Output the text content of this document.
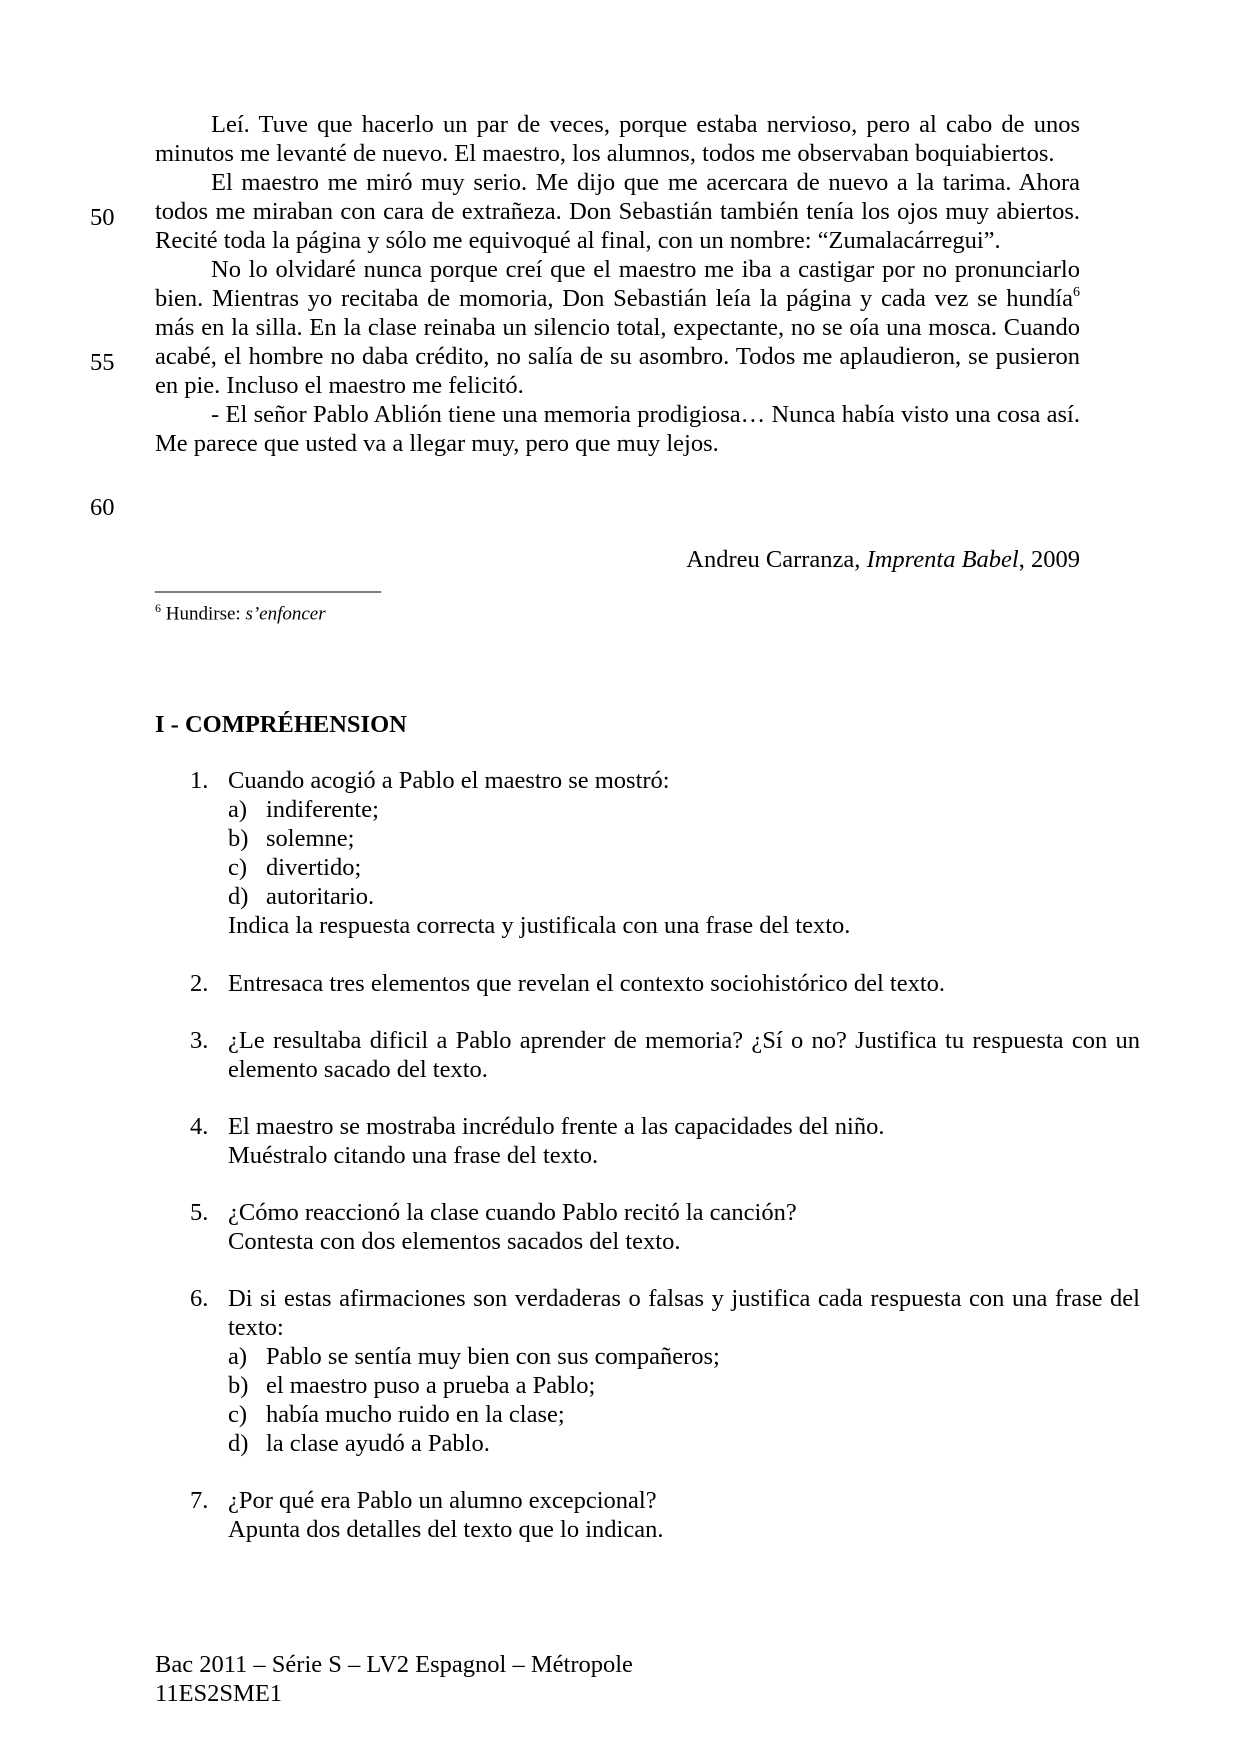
Leí. Tuve que hacerlo un par de veces, porque estaba nervioso, pero al cabo de unos minutos me levanté de nuevo. El maestro, los alumnos, todos me observaban boquiabiertos.

El maestro me miró muy serio. Me dijo que me acercara de nuevo a la tarima. Ahora todos me miraban con cara de extrañeza. Don Sebastián también tenía los ojos muy abiertos. Recité toda la página y sólo me equivoqué al final, con un nombre: “Zumalacárregui”.

No lo olvidaré nunca porque creí que el maestro me iba a castigar por no pronunciarlo bien. Mientras yo recitaba de momoria, Don Sebastián leía la página y cada vez se hundía$^6$ más en la silla. En la clase reinaba un silencio total, expectante, no se oía una mosca. Cuando acabé, el hombre no daba crédito, no salía de su asombro. Todos me aplaudieron, se pusieron en pie. Incluso el maestro me felicitó.

- El señor Pablo Ablión tiene una memoria prodigiosa… Nunca había visto una cosa así. Me parece que usted va a llegar muy, pero que muy lejos.

50
55
60
Andreu Carranza, Imprenta Babel, 2009
_________________________
$^6$ Hundirse: s’enfoncer
I - COMPRÉHENSION
1. Cuando acogió a Pablo el maestro se mostró:
a) indiferente;
b) solemne;
c) divertido;
d) autoritario.
Indica la respuesta correcta y justificala con una frase del texto.
2. Entresaca tres elementos que revelan el contexto sociohistórico del texto.
3. ¿Le resultaba dificil a Pablo aprender de memoria? ¿Sí o no? Justifica tu respuesta con un elemento sacado del texto.
4. El maestro se mostraba incrédulo frente a las capacidades del niño.
Muéstralo citando una frase del texto.
5. ¿Cómo reaccionó la clase cuando Pablo recitó la canción?
Contesta con dos elementos sacados del texto.
6. Di si estas afirmaciones son verdaderas o falsas y justifica cada respuesta con una frase del texto:
a) Pablo se sentía muy bien con sus compañeros;
b) el maestro puso a prueba a Pablo;
c) había mucho ruido en la clase;
d) la clase ayudó a Pablo.
7. ¿Por qué era Pablo un alumno excepcional?
Apunta dos detalles del texto que lo indican.
Bac 2011 – Série S – LV2 Espagnol – Métropole
11ES2SME1
